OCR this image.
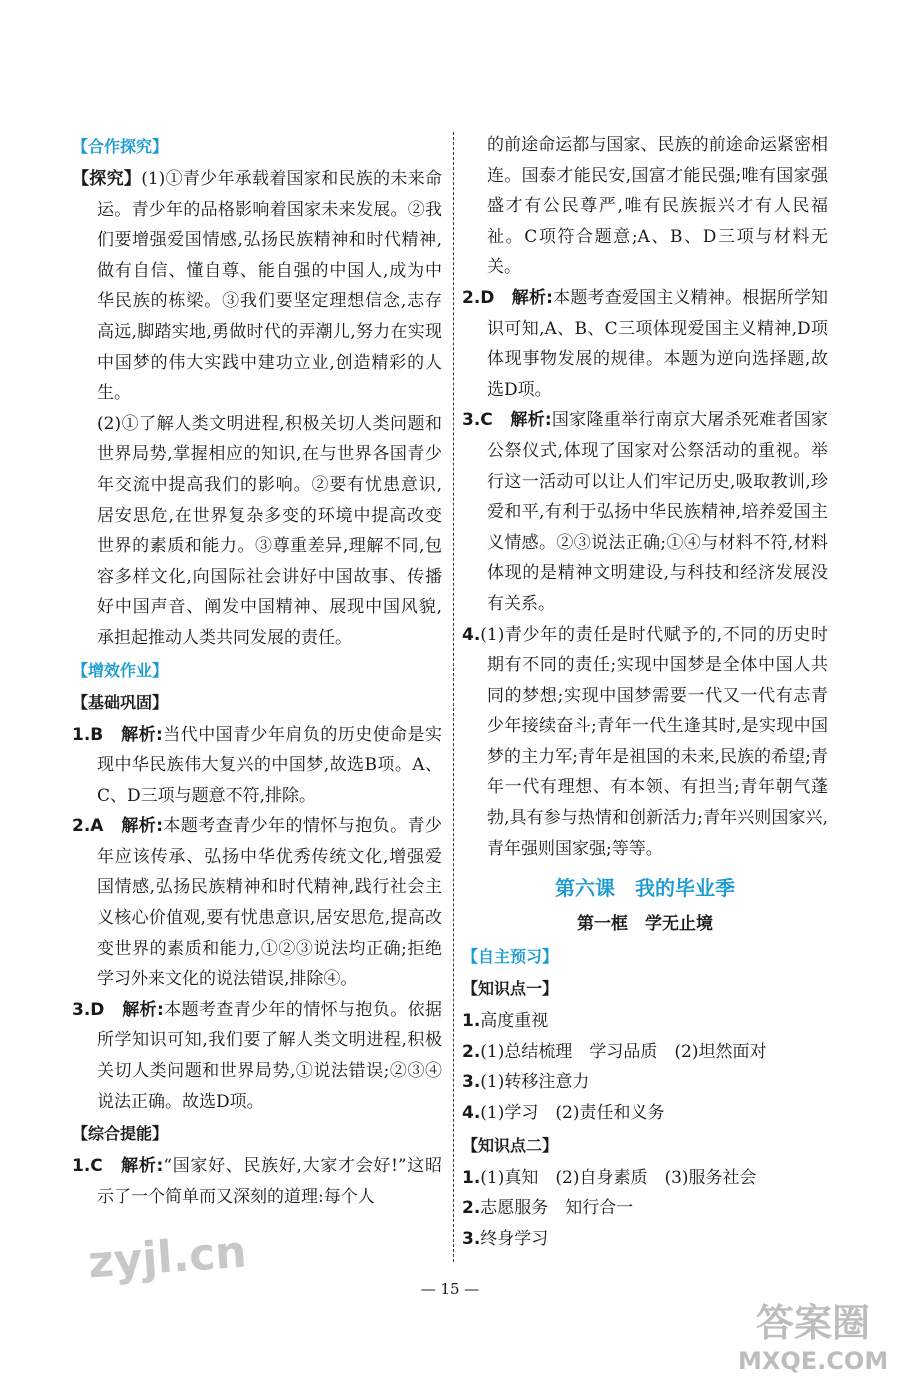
【合作探究】

【探究】(1)①青少年承载着国家和民族的未来命运。青少年的品格影响着国家未来发展。②我们要增强爱国情感,弘扬民族精神和时代精神,做有自信、懂自尊、能自强的中国人,成为中华民族的栋梁。③我们要坚定理想信念,志存高远,脚踏实地,勇做时代的弄潮儿,努力在实现中国梦的伟大实践中建功立业,创造精彩的人生。

(2)①了解人类文明进程,积极关切人类问题和世界局势,掌握相应的知识,在与世界各国青少年交流中提高我们的影响。②要有忧患意识,居安思危,在世界复杂多变的环境中提高改变世界的素质和能力。③尊重差异,理解不同,包容多样文化,向国际社会讲好中国故事、传播好中国声音、阐发中国精神、展现中国风貌,承担起推动人类共同发展的责任。

【增效作业】
【基础巩固】

1.B　 解析:当代中国青少年肩负的历史使命是实现中华民族伟大复兴的中国梦,故选B项。A、C、D三项与题意不符,排除。

2.A　 解析:本题考查青少年的情怀与抱负。青少年应该传承、弘扬中华优秀传统文化,增强爱国情感,弘扬民族精神和时代精神,践行社会主义核心价值观,要有忧患意识,居安思危,提高改变世界的素质和能力,①②③说法均正确;拒绝学习外来文化的说法错误,排除④。

3.D　 解析:本题考查青少年的情怀与抱负。依据所学知识可知,我们要了解人类文明进程,积极关切人类问题和世界局势,①说法错误;②③④说法正确。故选D项。

【综合提能】

1.C　 解析:“国家好、民族好,大家才会好!”这昭示了一个简单而又深刻的道理:每个人

的前途命运都与国家、民族的前途命运紧密相连。国泰才能民安,国富才能民强;唯有国家强盛才有公民尊严,唯有民族振兴才有人民福祉。C项符合题意;A、B、D三项与材料无关。

2.D　 解析:本题考查爱国主义精神。根据所学知识可知,A、B、C三项体现爱国主义精神,D项体现事物发展的规律。本题为逆向选择题,故选D项。

3.C　 解析:国家隆重举行南京大屠杀死难者国家公祭仪式,体现了国家对公祭活动的重视。举行这一活动可以让人们牢记历史,吸取教训,珍爱和平,有利于弘扬中华民族精神,培养爱国主义情感。②③说法正确;①④与材料不符,材料体现的是精神文明建设,与科技和经济发展没有关系。

4.(1)青少年的责任是时代赋予的,不同的历史时期有不同的责任;实现中国梦是全体中国人共同的梦想;实现中国梦需要一代又一代有志青少年接续奋斗;青年一代生逢其时,是实现中国梦的主力军;青年是祖国的未来,民族的希望;青年一代有理想、有本领、有担当;青年朝气蓬勃,具有参与热情和创新活力;青年兴则国家兴,青年强则国家强;等等。

第六课　我的毕业季
第一框　学无止境
【自主预习】
【知识点一】

1.高度重视

2.(1)总结梳理　学习品质　(2)坦然面对

3.(1)转移注意力

4.(1)学习　(2)责任和义务

【知识点二】

1.(1)真知　(2)自身素质　(3)服务社会

2.志愿服务　知行合一

3.终身学习

— 15 —
zyjl.cn
答案圈
MXQE.COM
